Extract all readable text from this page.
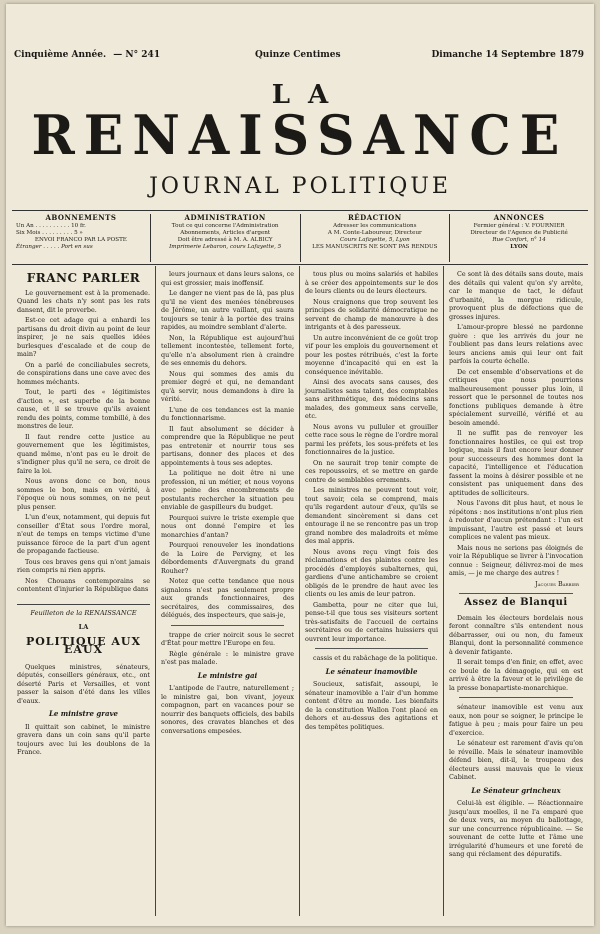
Cinquième Année. — N° 241	Quinze Centimes	Dimanche 14 Septembre 1879
LA
RENAISSANCE
JOURNAL POLITIQUE
ABONNEMENTS
Un An . . . . . . . . . . 10 fr.
Six Mois . . . . . . . . . 5 »
ENVOI FRANCO PAR LA POSTE
Étranger . . . . . Port en sus
ADMINISTRATION
Tout ce qui concerne l'Administration
Abonnements, Articles d'argent
Doit être adressé à M. A. ALBICY
Imprimerie Lebaron, cours Lafayette, 5
RÉDACTION
Adresser les communications
A M. Conte-Laboureur, Directeur
Cours Lafayette, 5, Lyon
LES MANUSCRITS NE SONT PAS RENDUS
ANNONCES
Fermier général : V. FOURNIER
Directeur de l'Agence de Publicité
Rue Confort, n° 14
LYON
FRANC PARLER

Le gouvernement est à la promenade. Quand les chats n'y sont pas les rats dansent, dit le proverbe.

Est-ce cet adage qui a enhardi les partisans du droit divin au point de leur inspirer, je ne sais quelles idées burlesques d'escalade et de coup de main?

On a parlé de conciliabules secrets, de conspirations dans une cave avec des hommes méchants.

Tout, le parti des « légitimistes d'action », est superbe de la bonne cause, et il se trouve qu'ils avaient rendu des points, comme tombillé, à des monstres de leur.

Il faut rendre cette justice au gouvernement que les légitimistes, quand même, n'ont pas eu le droit de s'indigner plus qu'il ne sera, ce droit de faire la loi.

Nous avons donc ce bon, nous sommes le bon, mais en vérité, à l'époque où nous sommes, on ne peut plus penser.

L'un d'eux, notamment, qui depuis fut conseiller d'État sous l'ordre moral, n'eut de temps en temps victime d'une puissance féroce de la part d'un agent de propagande factieuse.

Tous ces braves gens qui n'ont jamais rien compris ni rien appris.

Nos Chouans contemporains se contentent d'injurier la République dans

Feuilleton de la RENAISSANCE
LA
POLITIQUE AUX EAUX

Quelques ministres, sénateurs, députés, conseillers généraux, etc., ont déserté Paris et Versailles, et vont passer la saison d'été dans les villes d'eaux.

Le ministre grave

Il quittait son cabinet, le ministre gravera dans un coin sans qu'il parte toujours avec lui les doublons de la France.

leurs journaux et dans leurs salons, ce qui est grossier, mais inoffensif.

Le danger ne vient pas de là, pas plus qu'il ne vient des menées ténébreuses de Jérôme, un autre vaillant, qui saura toujours se tenir à la portée des trains rapides, au moindre semblant d'alerte.

Non, la République est aujourd'hui tellement incontestée, tellement forte, qu'elle n'a absolument rien à craindre de ses ennemis du dehors.

Nous qui sommes des amis du premier degré et qui, ne demandant qu'à servir, nous demandons à dire la vérité.

L'une de ces tendances est la manie du fonctionnarisme.

Il faut absolument se décider à comprendre que la République ne peut pas entretenir et nourrir tous ses partisans, donner des places et des appointements à tous ses adeptes.

La politique ne doit être ni une profession, ni un métier, et nous voyons avec peine des encombrements de postulants rechercher la situation peu enviable de gaspilleurs du budget.

Pourquoi suivre le triste exemple que nous ont donné l'empire et les monarchies d'antan?

Pourquoi renouveler les inondations de la Loire de Pervigny, et les débordements d'Auvergnats du grand Rouher?

Notez que cette tendance que nous signalons n'est pas seulement propre aux grands fonctionnaires, des secrétaires, des commissaires, des délégués, des inspecteurs, que sais-je,

trappe de crier noircit sous le secret d'État pour mettre l'Europe en feu.

Règle générale : le ministre grave n'est pas malade.

Le ministre gai

L'antipode de l'autre, naturellement ; le ministre gai, bon vivant, joyeux compagnon, part en vacances pour se nourrir des banquets officiels, des babils sonores, des cravates blanches et des conversations empesées.

tous plus ou moins salariés et habiles à se créer des appointements sur le dos de leurs clients ou de leurs électeurs.

Nous craignons que trop souvent les principes de solidarité démocratique ne servent de champ de manœuvre à des intrigants et à des paresseux.

Un autre inconvénient de ce goût trop vif pour les emplois du gouvernement et pour les postes rétribués, c'est la forte moyenne d'incapacité qui en est la conséquence inévitable.

Ainsi des avocats sans causes, des journalistes sans talent, des comptables sans arithmétique, des médecins sans malades, des gommeux sans cervelle, etc.

Nous avons vu pulluler et grouiller cette race sous le règne de l'ordre moral parmi les préfets, les sous-préfets et les fonctionnaires de la justice.

On ne saurait trop tenir compte de ces repoussoirs, et se mettre en garde contre de semblables errements.

Les ministres ne peuvent tout voir, tout savoir, cela se comprend, mais qu'ils regardent autour d'eux, qu'ils se demandent sincèrement si dans cet entourage il ne se rencontre pas un trop grand nombre des maladroits et même des mal appris.

Nous avons reçu vingt fois des réclamations et des plaintes contre les procédés d'employés subalternes, qui, gardiens d'une antichambre se croient obligés de le prendre de haut avec les clients ou les amis de leur patron.

Gambetta, pour ne citer que lui, pense-t-il que tous ses visiteurs sortent très-satisfaits de l'accueil de certains secrétaires ou de certains huissiers qui ouvrent leur importance.

cassis et du rabâchage de la politique.

Le sénateur inamovible

Soucieux, satisfait, assoupi, le sénateur inamovible a l'air d'un homme content d'être au monde. Les bienfaits de la constitution Wallon l'ont placé en dehors et au-dessus des agitations et des tempêtes politiques.

Ce sont là des détails sans doute, mais des détails qui valent qu'on s'y arrête, car le manque de tact, le défaut d'urbanité, la morgue ridicule, provoquent plus de défections que de grosses injures.

L'amour-propre blessé ne pardonne guère : que les arrivés du jour ne l'oublient pas dans leurs relations avec leurs anciens amis qui leur ont fait parfois la courte échelle.

De cet ensemble d'observations et de critiques que nous pourrions malheureusement pousser plus loin, il ressort que le personnel de toutes nos fonctions publiques demande à être spécialement surveillé, vérifié et au besoin amendé.

Il ne suffit pas de renvoyer les fonctionnaires hostiles, ce qui est trop logique, mais il faut encore leur donner pour successeurs des hommes dont la capacité, l'intelligence et l'éducation fassent la moins à désirer possible et ne consistent pas uniquement dans des aptitudes de solliciteurs.

Nous l'avons dit plus haut, et nous le répétons : nos institutions n'ont plus rien à redouter d'aucun prétendant : l'un est impuissant, l'autre est passé et leurs complices ne valent pas mieux.

Mais nous ne serions pas éloignés de voir la République se livrer à l'invocation connue : Seigneur, délivrez-moi de mes amis, — je me charge des autres !

Jacques Barbier
Assez de Blanqui

Demain les électeurs bordelais nous feront connaître s'ils entendent nous débarrasser, oui ou non, du fameux Blanqui, dont la personnalité commence à devenir fatigante.

Il serait temps d'en finir, en effet, avec ce boule de la démagogie, qui en est arrivé à être la faveur et le privilège de la presse bonapartiste-monarchique.

sénateur inamovible est venu aux eaux, non pour se soigner, le principe le fatigue à peu ; mais pour faire un peu d'exercice.

Le sénateur est rarement d'avis qu'on le réveille. Mais le sénateur inamovible défend bien, dit-il, le troupeau des électeurs aussi mauvais que le vieux Cabinet.

Le Sénateur grincheux

Celui-là est éligible. — Réactionnaire jusqu'aux moelles, il ne l'a emparé que de deux vers, au moyen du ballottage, sur une concurrence républicaine. — Se souvenant de cette lutte et l'âme une irrégularité d'humeurs et une foreté de sang qui réclament des dépuratifs.
